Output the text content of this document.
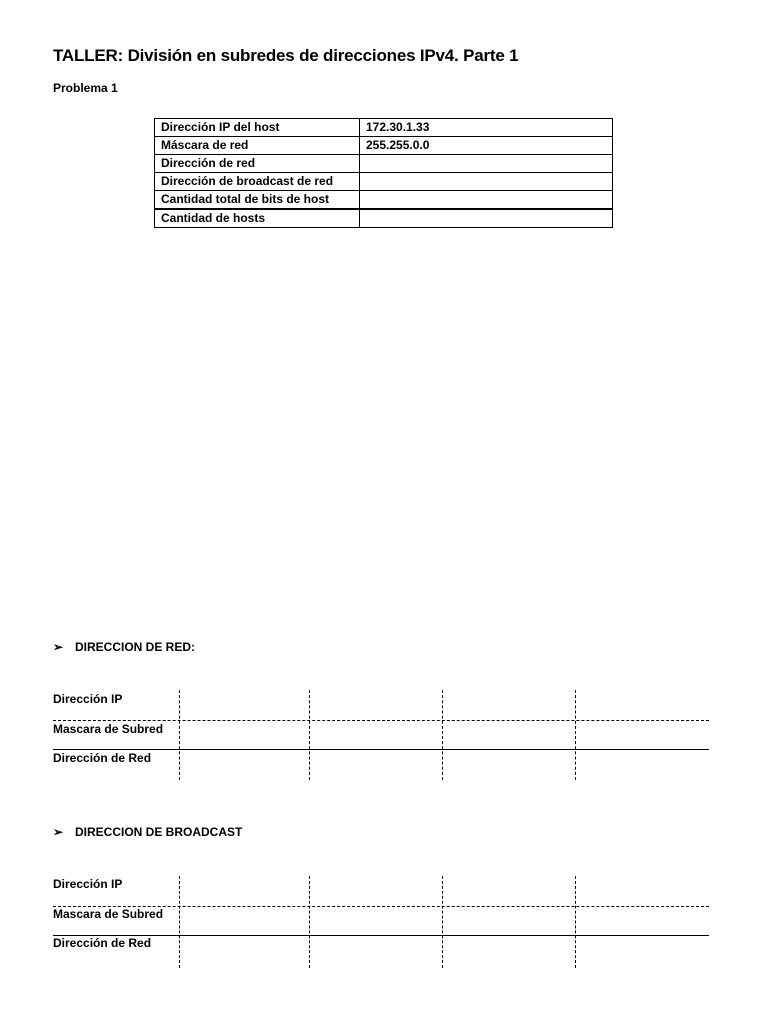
TALLER: División en subredes de direcciones IPv4. Parte 1
Problema 1
Dirección IP del host	172.30.1.33
Máscara de red	255.255.0.0
Dirección de red	
Dirección de broadcast de red	
Cantidad total de bits de host	
Cantidad de hosts	
➢ DIRECCION DE RED:
Dirección IP
Mascara de Subred
Dirección de Red
➢ DIRECCION DE BROADCAST
Dirección IP
Mascara de Subred
Dirección de Red
